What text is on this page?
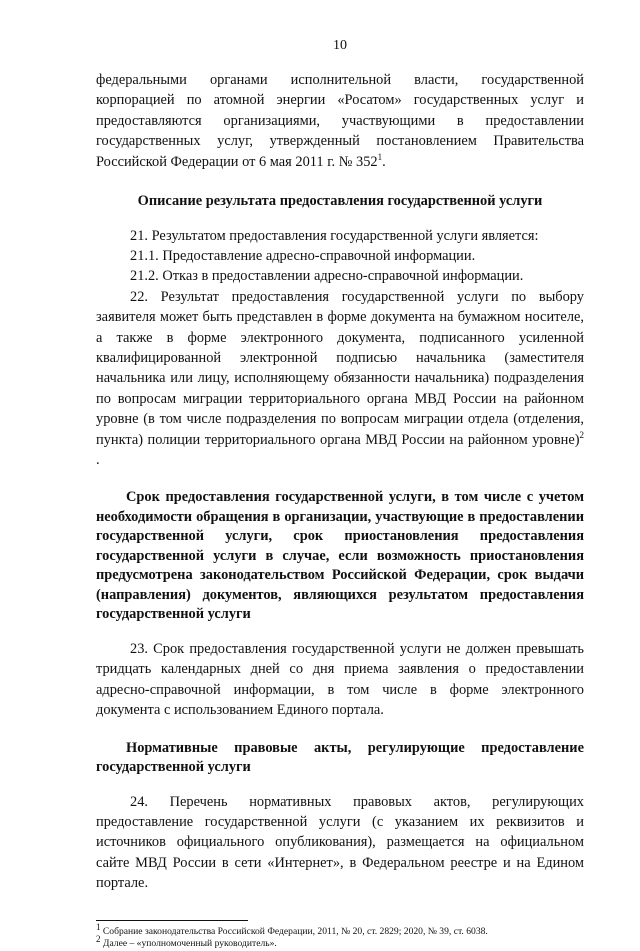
10

федеральными органами исполнительной власти, государственной корпорацией по атомной энергии «Росатом» государственных услуг и предоставляются организациями, участвующими в предоставлении государственных услуг, утвержденный постановлением Правительства Российской Федерации от 6 мая 2011 г. № $352^1$.

Описание результата предоставления государственной услуги

21. Результатом предоставления государственной услуги является:

21.1. Предоставление адресно-справочной информации.

21.2. Отказ в предоставлении адресно-справочной информации.

22. Результат предоставления государственной услуги по выбору заявителя может быть представлен в форме документа на бумажном носителе, а также в форме электронного документа, подписанного усиленной квалифицированной электронной подписью начальника (заместителя начальника или лицу, исполняющему обязанности начальника) подразделения по вопросам миграции территориального органа МВД России на районном уровне (в том числе подразделения по вопросам миграции отдела (отделения, пункта) полиции территориального органа МВД России на районном уровне)$^2$ .

Срок предоставления государственной услуги, в том числе с учетом необходимости обращения в организации, участвующие в предоставлении государственной услуги, срок приостановления предоставления государственной услуги в случае, если возможность приостановления предусмотрена законодательством Российской Федерации, срок выдачи (направления) документов, являющихся результатом предоставления государственной услуги

23. Срок предоставления государственной услуги не должен превышать тридцать календарных дней со дня приема заявления о предоставлении адресно-справочной информации, в том числе в форме электронного документа с использованием Единого портала.

Нормативные правовые акты, регулирующие предоставление государственной услуги

24. Перечень нормативных правовых актов, регулирующих предоставление государственной услуги (с указанием их реквизитов и источников официального опубликования), размещается на официальном сайте МВД России в сети «Интернет», в Федеральном реестре и на Едином портале.

$^1$ Собрание законодательства Российской Федерации, 2011, № 20, ст. 2829; 2020, № 39, ст. 6038.
$^2$ Далее – «уполномоченный руководитель».
